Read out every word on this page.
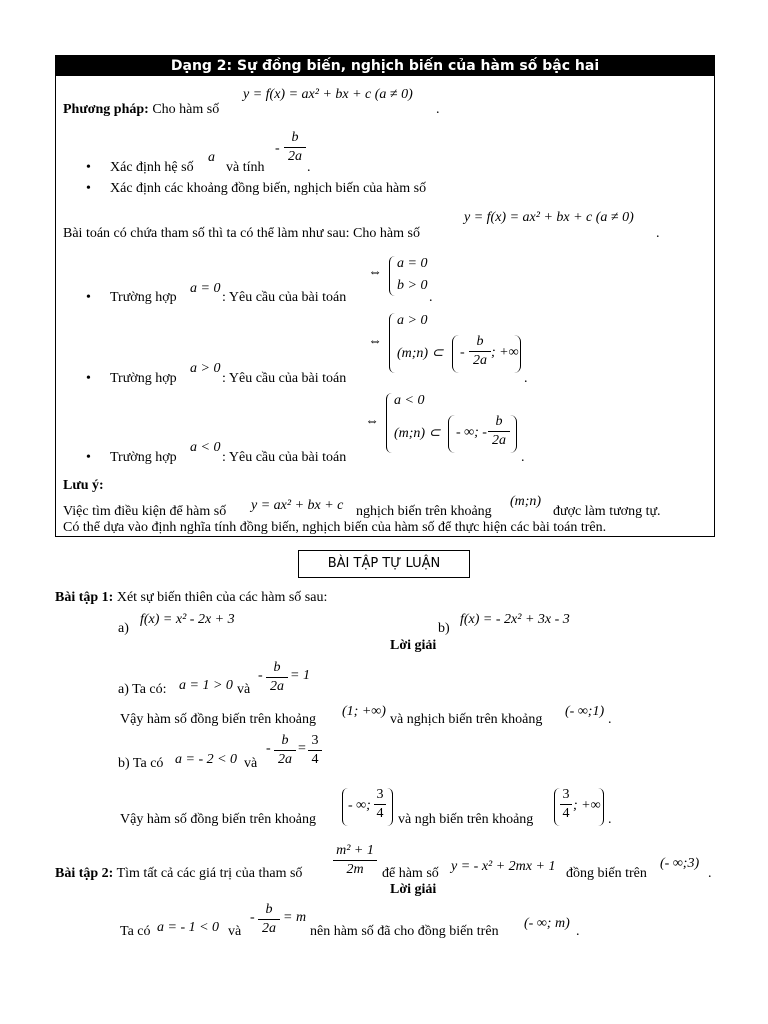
Dạng 2: Sự đồng biến, nghịch biến của hàm số bậc hai
Phương pháp: Cho hàm số
y = f(x) = ax² + bx + c (a ≠ 0)
.
• Xác định hệ số
a
và tính
- $\frac{b}{2a}$
.
• Xác định các khoảng đồng biến, nghịch biến của hàm số
Bài toán có chứa tham số thì ta có thể làm như sau: Cho hàm số
y = f(x) = ax² + bx + c (a ≠ 0)
.
⇔
a = 0
b > 0
• Trường hợp
a = 0
: Yêu cầu của bài toán	.
⇔
a > 0
(m;n) ⊂ - $\frac{b}{2a}$ ; +∞
• Trường hợp
a > 0
: Yêu cầu của bài toán	.
⇔
a < 0
(m;n) ⊂ - ∞; - $\frac{b}{2a}$
• Trường hợp
a < 0
: Yêu cầu của bài toán	.
Lưu ý:
Việc tìm điều kiện để hàm số y = ax² + bx + c nghịch biến trên khoảng
(m;n)
được làm tương tự.
Có thể dựa vào định nghĩa tính đồng biến, nghịch biến của hàm số để thực hiện các bài toán trên.
BÀI TẬP TỰ LUẬN
Bài tập 1: Xét sự biến thiên của các hàm số sau:
a)
f(x) = x² - 2x + 3
b)
f(x) = - 2x² + 3x - 3
Lời giải
a) Ta có: a = 1 > 0 và
- $\frac{b}{2a} = 1$
Vậy hàm số đồng biến trên khoảng
(1; +∞)
và nghịch biến trên khoảng
(- ∞;1)
.
b) Ta có a = - 2 < 0 và
- $\frac{b}{2a} = \frac{3}{4}$
Vậy hàm số đồng biến trên khoảng
- ∞; $\frac{3}{4}$ và ngh biến trên khoảng $\frac{3}{4}$ ; +∞
.
Bài tập 2: Tìm tất cả các giá trị của tham số $\frac{\text{m² + 1}}{2m}$ để hàm số y = - x² + 2mx + 1 đồng biến trên
(- ∞;3)
.
Lời giải
Ta có a = - 1 < 0 và
- $\frac{b}{2a} = m$
nên hàm số đã cho đồng biến trên
(- ∞; m)
.
